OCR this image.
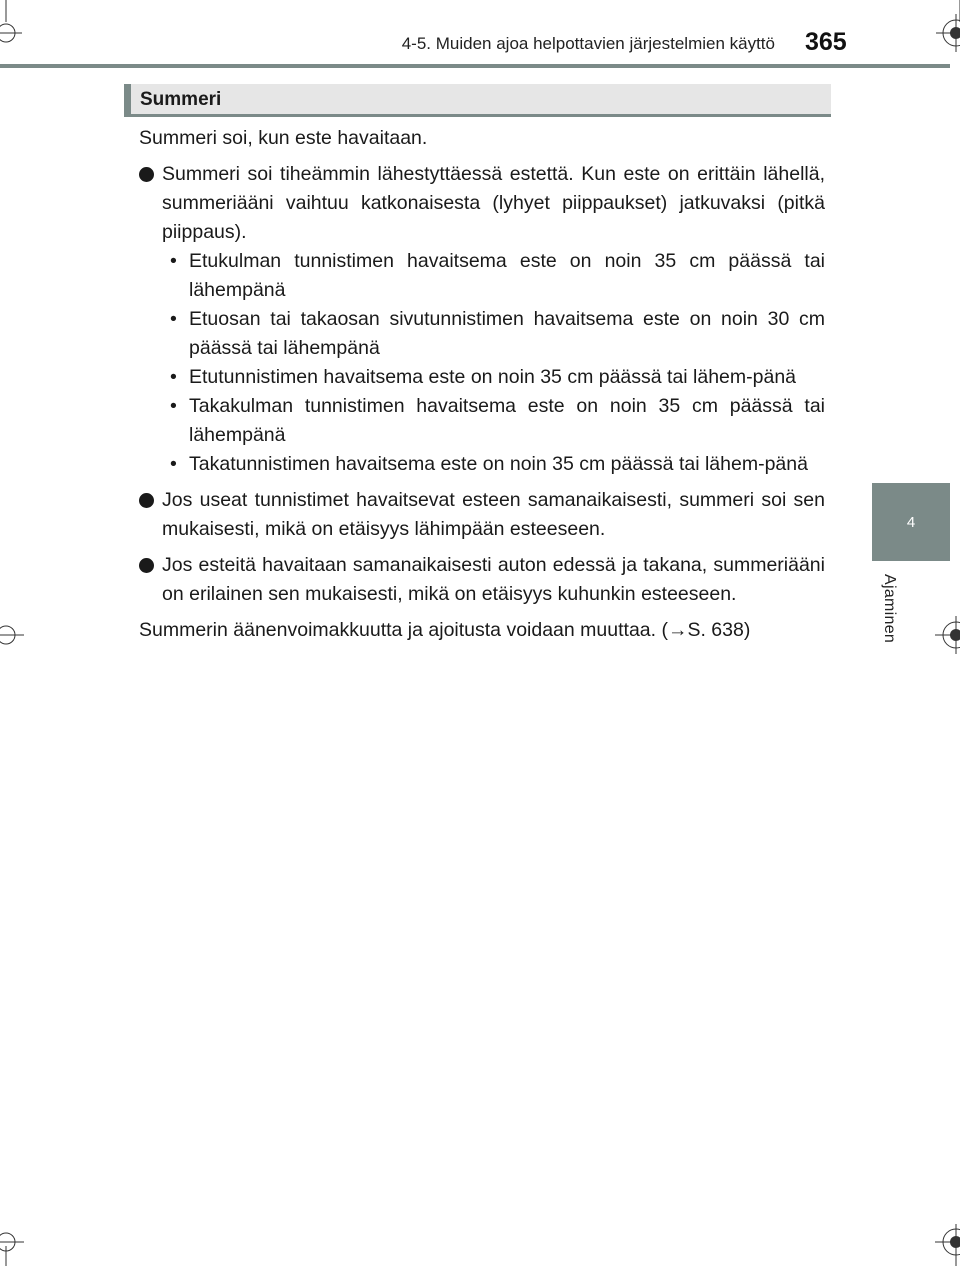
4-5. Muiden ajoa helpottavien järjestelmien käyttö 365
4
Ajaminen
Summeri

Summeri soi, kun este havaitaan.

Summeri soi tiheämmin lähestyttäessä estettä. Kun este on erittäin lähellä, summeriääni vaihtuu katkonaisesta (lyhyet piippaukset) jatkuvaksi (pitkä piippaus).
• Etukulman tunnistimen havaitsema este on noin 35 cm päässä tai lähempänä
• Etuosan tai takaosan sivutunnistimen havaitsema este on noin 30 cm päässä tai lähempänä
• Etutunnistimen havaitsema este on noin 35 cm päässä tai lähem-pänä
• Takakulman tunnistimen havaitsema este on noin 35 cm päässä tai lähempänä
• Takatunnistimen havaitsema este on noin 35 cm päässä tai lähem-pänä
Jos useat tunnistimet havaitsevat esteen samanaikaisesti, summeri soi sen mukaisesti, mikä on etäisyys lähimpään esteeseen.
Jos esteitä havaitaan samanaikaisesti auton edessä ja takana, summeriääni on erilainen sen mukaisesti, mikä on etäisyys kuhunkin esteeseen.

Summerin äänenvoimakkuutta ja ajoitusta voidaan muuttaa. (→S. 638)
